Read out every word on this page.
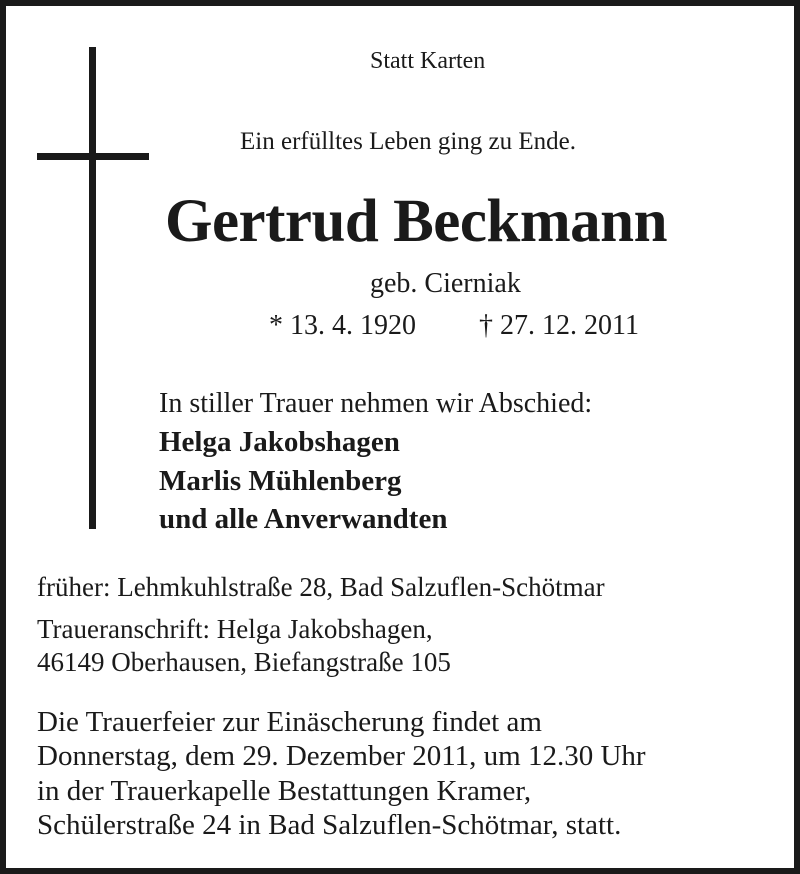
Statt Karten
Ein erfülltes Leben ging zu Ende.
Gertrud Beckmann
geb. Cierniak
* 13. 4. 1920 † 27. 12. 2011
In stiller Trauer nehmen wir Abschied:
Helga Jakobshagen
Marlis Mühlenberg
und alle Anverwandten
früher: Lehmkuhlstraße 28, Bad Salzuflen-Schötmar
Traueranschrift: Helga Jakobshagen,
46149 Oberhausen, Biefangstraße 105
Die Trauerfeier zur Einäscherung findet am
Donnerstag, dem 29. Dezember 2011, um 12.30 Uhr
in der Trauerkapelle Bestattungen Kramer,
Schülerstraße 24 in Bad Salzuflen-Schötmar, statt.
